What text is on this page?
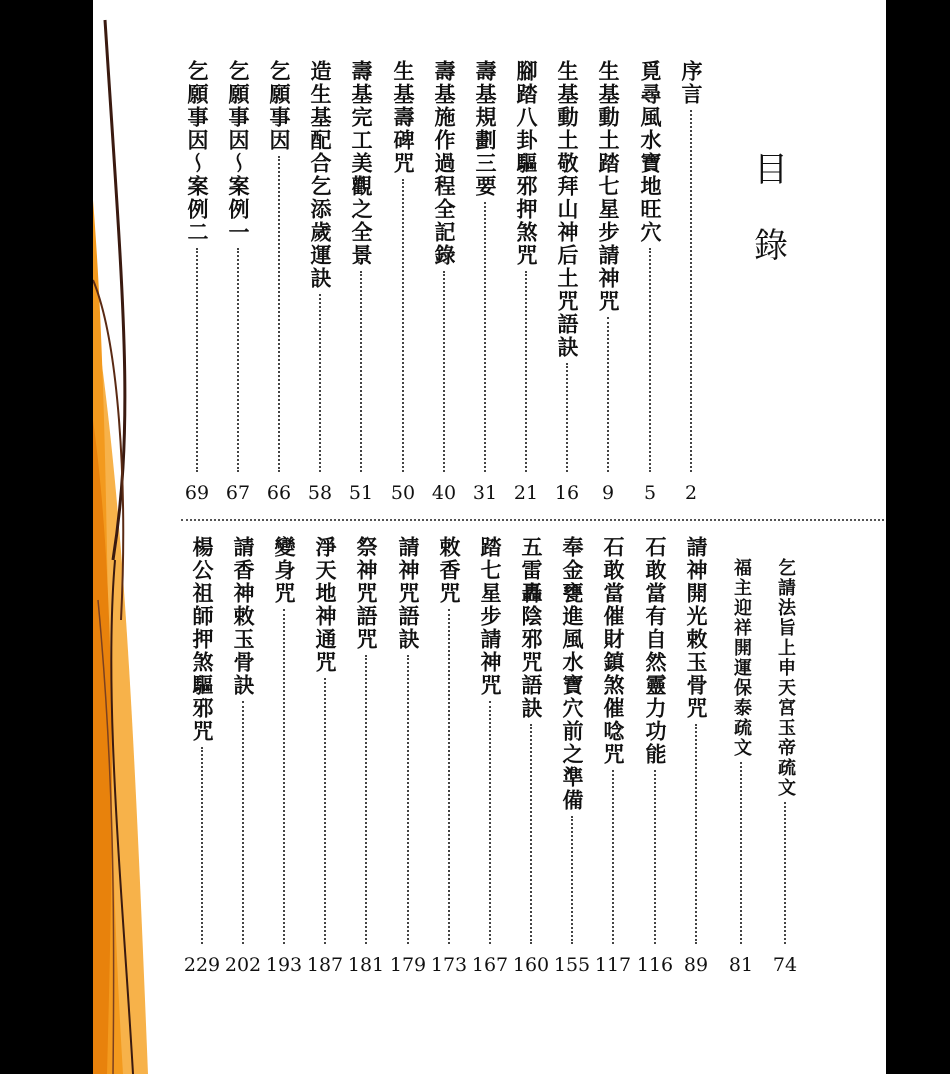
目
錄
序言
2
覓尋風水寶地旺穴
5
生基動土踏七星步請神咒
9
生基動土敬拜山神后土咒語訣
16
腳踏八卦驅邪押煞咒
21
壽基規劃三要
31
壽基施作過程全記錄
40
生基壽碑咒
50
壽基完工美觀之全景
51
造生基配合乞添歲運訣
58
乞願事因
66
乞願事因～案例一
67
乞願事因～案例二
69
乞請法旨上申天宮玉帝疏文
74
福主迎祥開運保泰疏文
81
請神開光敕玉骨咒
89
石敢當有自然靈力功能
116
石敢當催財鎮煞催唸咒
117
奉金甕進風水寶穴前之準備
155
五雷轟陰邪咒語訣
160
踏七星步請神咒
167
敕香咒
173
請神咒語訣
179
祭神咒語咒
181
淨天地神通咒
187
變身咒
193
請香神敕玉骨訣
202
楊公祖師押煞驅邪咒
229
